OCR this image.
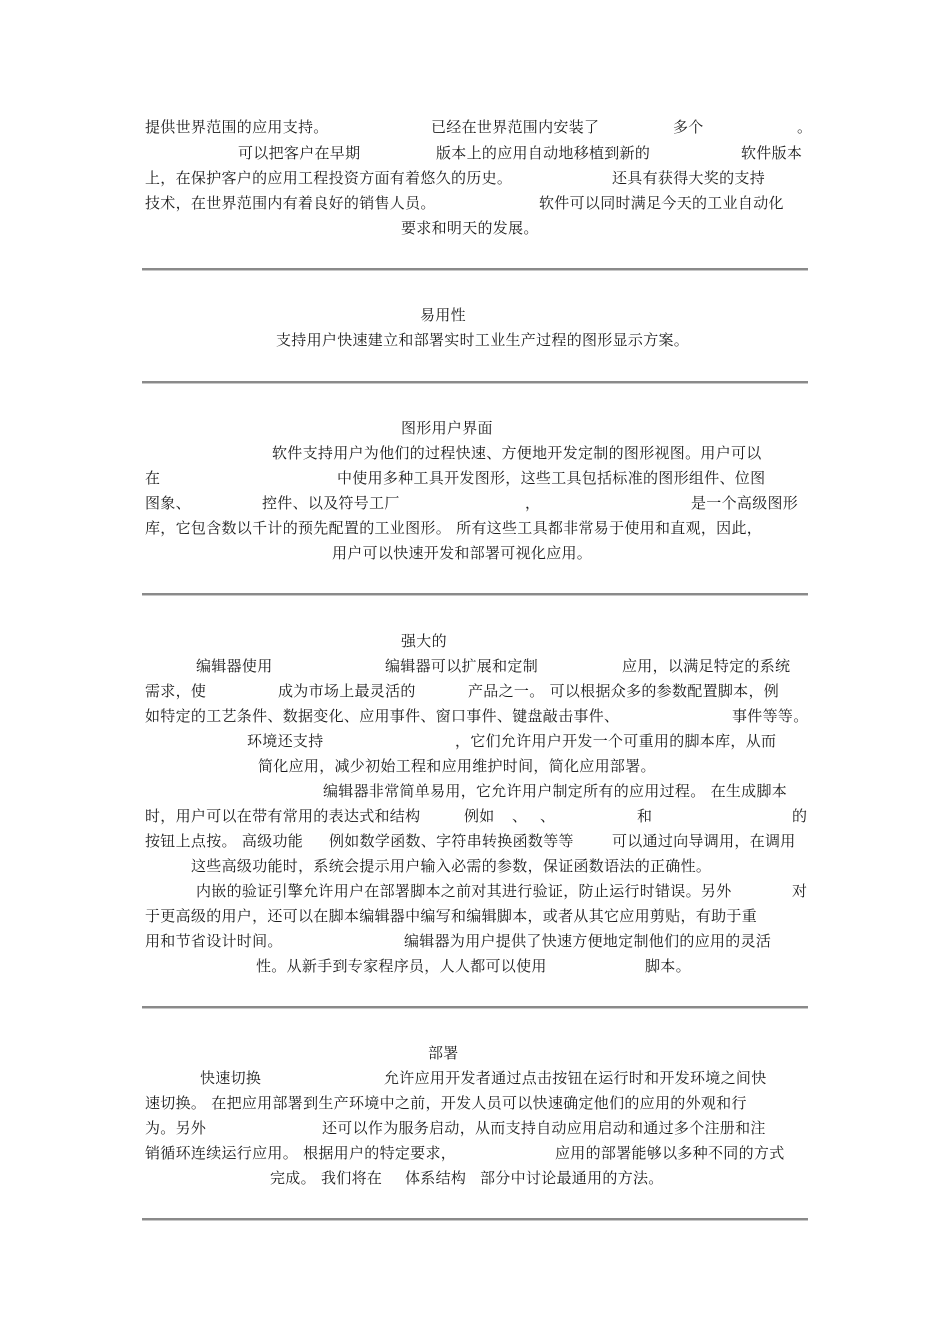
提供世界范围的应用支持。	已经在世界范围内安装了	多个	。
可以把客户在早期	版本上的应用自动地移植到新的	软件版本
上，在保护客户的应用工程投资方面有着悠久的历史。	还具有获得大奖的支持
技术，在世界范围内有着良好的销售人员。	软件可以同时满足今天的工业自动化
要求和明天的发展。
易用性
支持用户快速建立和部署实时工业生产过程的图形显示方案。
图形用户界面
软件支持用户为他们的过程快速、方便地开发定制的图形视图。用户可以
在	中使用多种工具开发图形，这些工具包括标准的图形组件、位图
图象、	控件、以及符号工厂	，	是一个高级图形
库，它包含数以千计的预先配置的工业图形。 所有这些工具都非常易于使用和直观，因此，
用户可以快速开发和部署可视化应用。
强大的
编辑器使用	编辑器可以扩展和定制	应用，以满足特定的系统
需求，使	成为市场上最灵活的	产品之一。 可以根据众多的参数配置脚本，例
如特定的工艺条件、数据变化、应用事件、窗口事件、键盘敲击事件、	事件等等。
环境还支持	，它们允许用户开发一个可重用的脚本库，从而
简化应用，减少初始工程和应用维护时间，简化应用部署。
编辑器非常简单易用，它允许用户制定所有的应用过程。 在生成脚本
时，用户可以在带有常用的表达式和结构	例如 、 、	和	的
按钮上点按。 高级功能 例如数学函数、字符串转换函数等等	可以通过向导调用，在调用
这些高级功能时，系统会提示用户输入必需的参数，保证函数语法的正确性。
内嵌的验证引擎允许用户在部署脚本之前对其进行验证，防止运行时错误。另外	对
于更高级的用户，还可以在脚本编辑器中编写和编辑脚本，或者从其它应用剪贴，有助于重
用和节省设计时间。	编辑器为用户提供了快速方便地定制他们的应用的灵活
性。从新手到专家程序员，人人都可以使用	脚本。
部署
快速切换	允许应用开发者通过点击按钮在运行时和开发环境之间快
速切换。 在把应用部署到生产环境中之前，开发人员可以快速确定他们的应用的外观和行
为。另外	还可以作为服务启动，从而支持自动应用启动和通过多个注册和注
销循环连续运行应用。 根据用户的特定要求，	应用的部署能够以多种不同的方式
完成。 我们将在 体系结构 部分中讨论最通用的方法。
